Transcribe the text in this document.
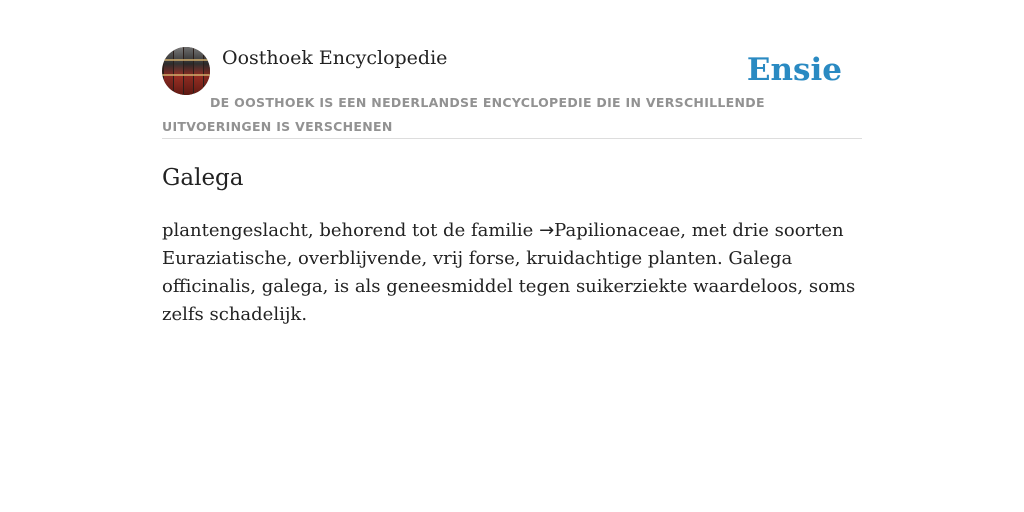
Oosthoek Encyclopedie	Ensie
DE OOSTHOEK IS EEN NEDERLANDSE ENCYCLOPEDIE DIE IN VERSCHILLENDE UITVOERINGEN IS VERSCHENEN
Galega
plantengeslacht, behorend tot de familie →Papilionaceae, met drie soorten Euraziatische, overblijvende, vrij forse, kruidachtige planten. Galega officinalis, galega, is als geneesmiddel tegen suikerziekte waardeloos, soms zelfs schadelijk.
